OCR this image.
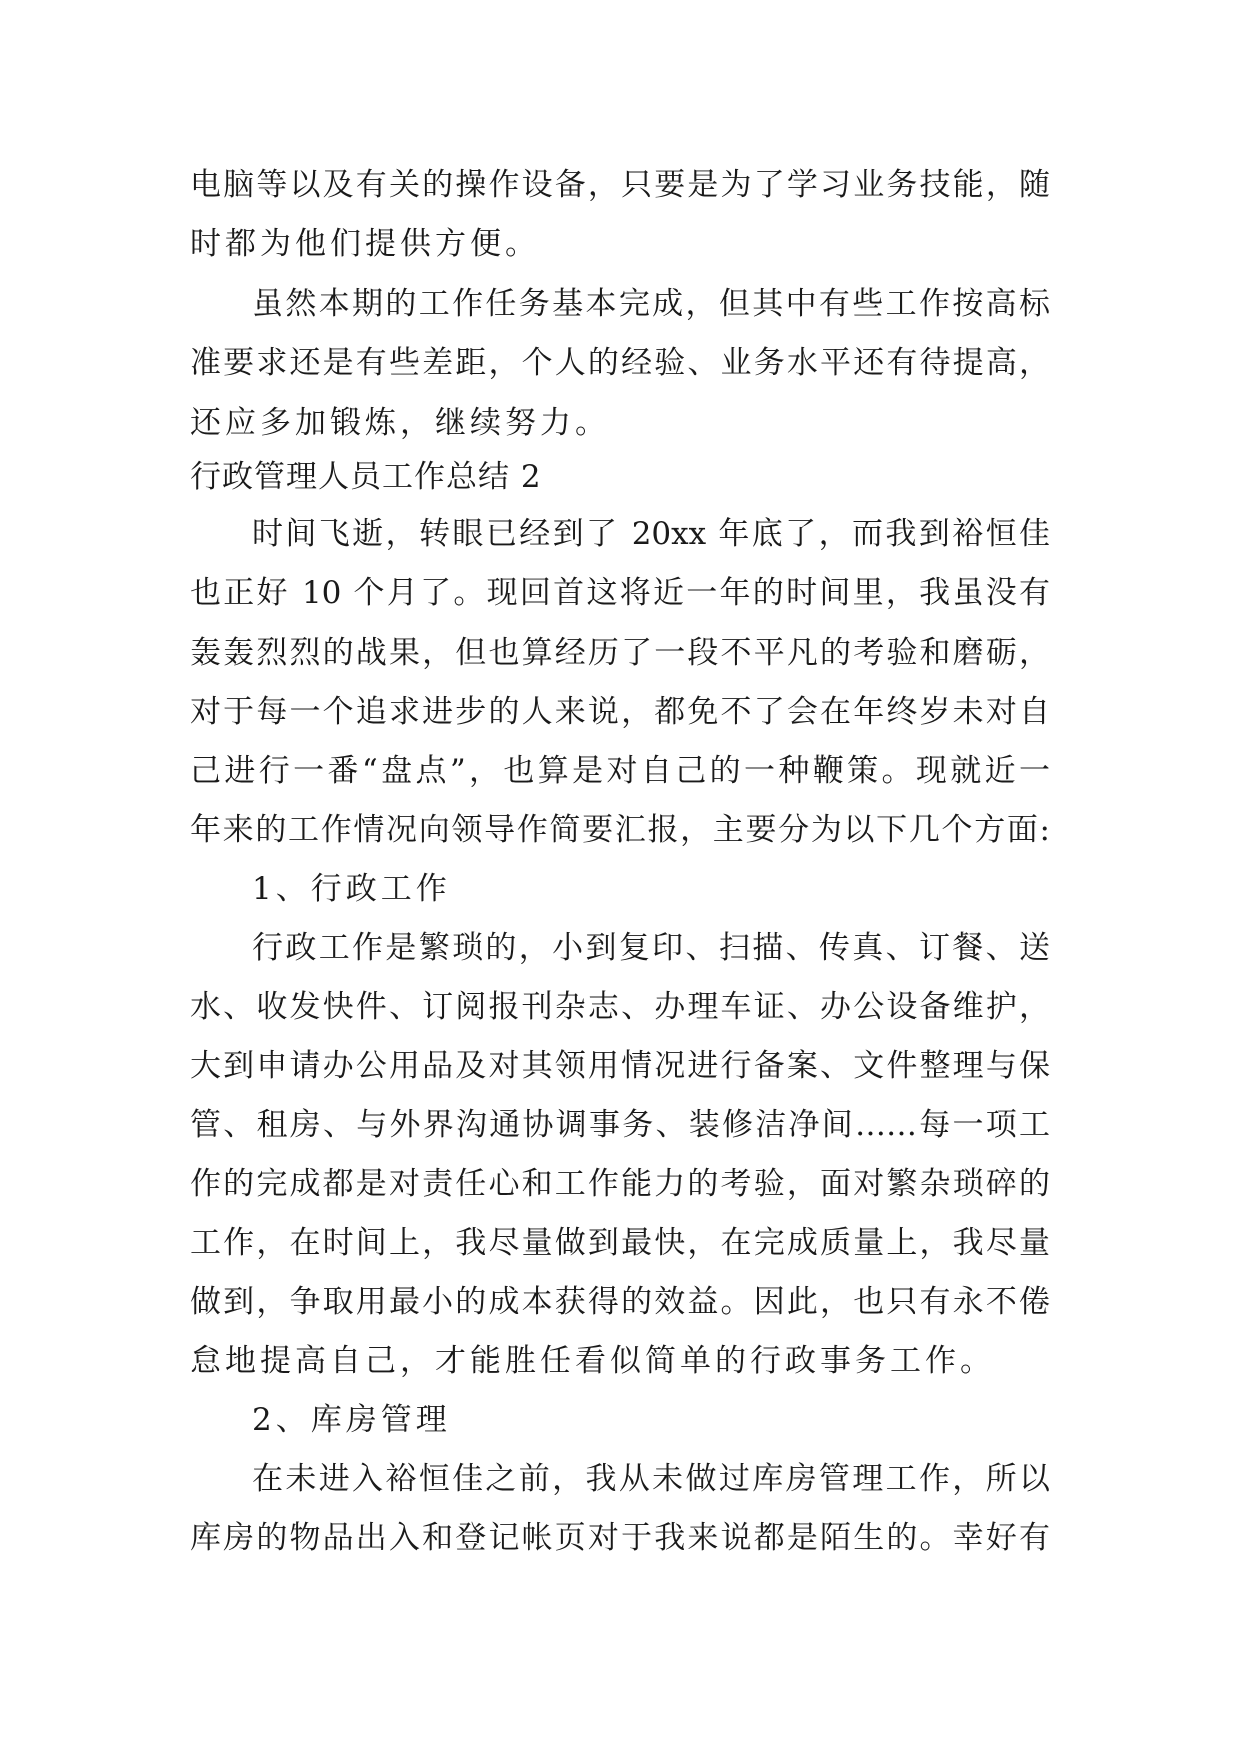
电脑等以及有关的操作设备，只要是为了学习业务技能，随
时都为他们提供方便。
虽然本期的工作任务基本完成，但其中有些工作按高标
准要求还是有些差距，个人的经验、业务水平还有待提高，
还应多加锻炼，继续努力。
行政管理人员工作总结 2
时间飞逝，转眼已经到了 20xx 年底了，而我到裕恒佳
也正好 10 个月了。现回首这将近一年的时间里，我虽没有
轰轰烈烈的战果，但也算经历了一段不平凡的考验和磨砺，
对于每一个追求进步的人来说，都免不了会在年终岁未对自
己进行一番“盘点”，也算是对自己的一种鞭策。现就近一
年来的工作情况向领导作简要汇报，主要分为以下几个方面:
1、行政工作
行政工作是繁琐的，小到复印、扫描、传真、订餐、送
水、收发快件、订阅报刊杂志、办理车证、办公设备维护，
大到申请办公用品及对其领用情况进行备案、文件整理与保
管、租房、与外界沟通协调事务、装修洁净间……每一项工
作的完成都是对责任心和工作能力的考验，面对繁杂琐碎的
工作，在时间上，我尽量做到最快，在完成质量上，我尽量
做到，争取用最小的成本获得的效益。因此，也只有永不倦
怠地提高自己，才能胜任看似简单的行政事务工作。
2、库房管理
在未进入裕恒佳之前，我从未做过库房管理工作，所以
库房的物品出入和登记帐页对于我来说都是陌生的。幸好有
